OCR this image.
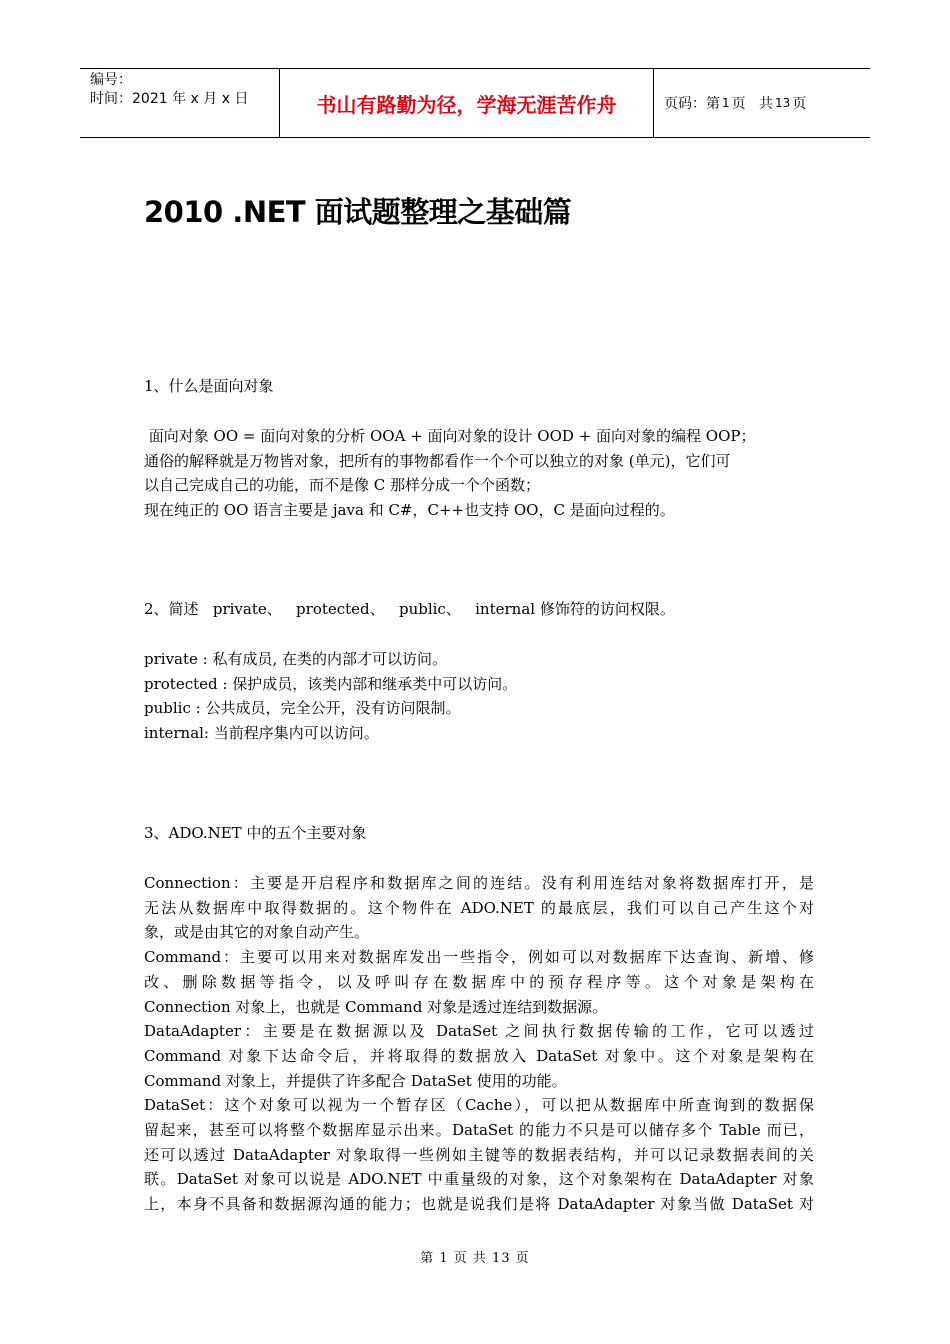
编号：
时间：2021 年 x 月 x 日	书山有路勤为径，学海无涯苦作舟	页码：第 1 页   共 13 页
2010 .NET 面试题整理之基础篇
1、什么是面向对象
面向对象 OO = 面向对象的分析 OOA + 面向对象的设计 OOD + 面向对象的编程 OOP；
通俗的解释就是万物皆对象，把所有的事物都看作一个个可以独立的对象 (单元)，它们可
以自己完成自己的功能，而不是像 C 那样分成一个个函数；
现在纯正的 OO 语言主要是 java 和 C#，C++也支持 OO，C 是面向过程的。
2、简述   private、   protected、   public、   internal 修饰符的访问权限。
private : 私有成员, 在类的内部才可以访问。
protected : 保护成员，该类内部和继承类中可以访问。
public : 公共成员，完全公开，没有访问限制。
internal: 当前程序集内可以访问。
3、ADO.NET 中的五个主要对象
Connection：主要是开启程序和数据库之间的连结。没有利用连结对象将数据库打开，是
无法从数据库中取得数据的。这个物件在 ADO.NET 的最底层，我们可以自己产生这个对
象，或是由其它的对象自动产生。
Command：主要可以用来对数据库发出一些指令，例如可以对数据库下达查询、新增、修
改、删除数据等指令，以及呼叫存在数据库中的预存程序等。这个对象是架构在
Connection 对象上，也就是 Command 对象是透过连结到数据源。
DataAdapter：主要是在数据源以及 DataSet 之间执行数据传输的工作，它可以透过
Command 对象下达命令后，并将取得的数据放入 DataSet 对象中。这个对象是架构在
Command 对象上，并提供了许多配合 DataSet 使用的功能。
DataSet：这个对象可以视为一个暂存区（Cache），可以把从数据库中所查询到的数据保
留起来，甚至可以将整个数据库显示出来。DataSet 的能力不只是可以储存多个 Table 而已，
还可以透过 DataAdapter 对象取得一些例如主键等的数据表结构，并可以记录数据表间的关
联。DataSet 对象可以说是 ADO.NET 中重量级的对象，这个对象架构在 DataAdapter 对象
上，本身不具备和数据源沟通的能力；也就是说我们是将 DataAdapter 对象当做 DataSet 对
第 1 页 共 13 页
